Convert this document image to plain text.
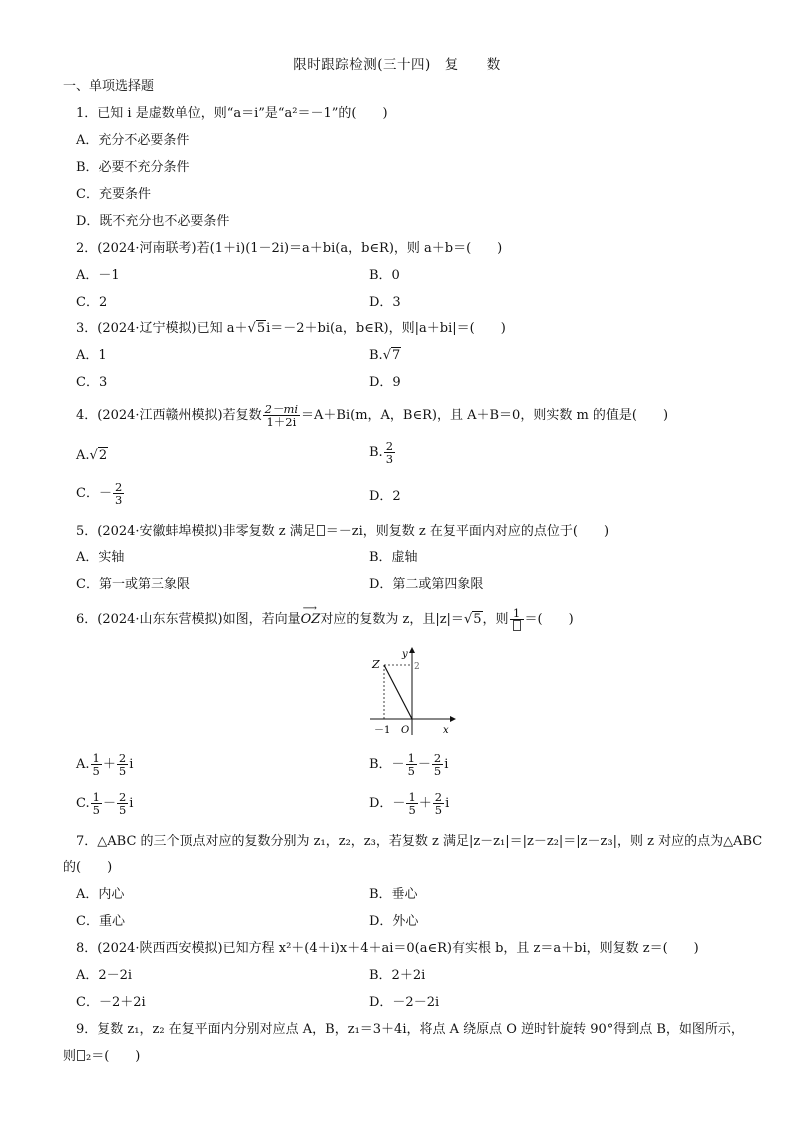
限时跟踪检测(三十四)　复　　数
一、单项选择题
1．已知 i 是虚数单位，则“a＝i”是“a²＝－1”的(　　)
A．充分不必要条件
B．必要不充分条件
C．充要条件
D．既不充分也不必要条件
2．(2024·河南联考)若(1＋i)(1－2i)＝a＋bi(a，b∈R)，则 a＋b＝(　　)
A．－1	B．0
C．2	D．3
3．(2024·辽宁模拟)已知 a＋√5i＝－2＋bi(a，b∈R)，则|a＋bi|＝(　　)
A．1	B.√7
C．3	D．9
4．(2024·江西赣州模拟)若复数 $\frac{2-mi}{1+2i} =A+Bi(m$，A，B∈R)，且 A＋B＝0，则实数 m 的值是(　　)
A.√2	B. $\frac{2}{3}$
C．－ $\frac{2}{3}$	D．2
5．(2024·安徽蚌埠模拟)非零复数 z 满足 ＝－zi，则复数 z 在复平面内对应的点位于(　　)
A．实轴	B．虚轴
C．第一或第三象限	D．第二或第四象限
6．(2024·山东东营模拟)如图，若向量
⟶
OZ对应的复数为 z，且|z|＝√5，则 1 ＝(　　)
Z
y
x
O
－1
2
A. $\frac{1}{5} + \frac{2}{5}$ i	B．－ $\frac{1}{5} - \frac{2}{5}$ i
C. $\frac{1}{5} - \frac{2}{5}$ i	D．－ $\frac{1}{5} + \frac{2}{5}$ i
7．△ABC 的三个顶点对应的复数分别为 z₁，z₂，z₃，若复数 z 满足|z－z₁|＝|z－z₂|＝|z－z₃|，则 z 对应的点为△ABC
的(　　)
A．内心	B．垂心
C．重心	D．外心
8．(2024·陕西西安模拟)已知方程 x²＋(4＋i)x＋4＋ai＝0(a∈R)有实根 b，且 z＝a＋bi，则复数 z＝(　　)
A．2－2i	B．2＋2i
C．－2＋2i	D．－2－2i
9．复数 z₁，z₂ 在复平面内分别对应点 A，B，z₁＝3＋4i，将点 A 绕原点 O 逆时针旋转 90°得到点 B，如图所示，
则 ₂＝(　　)
